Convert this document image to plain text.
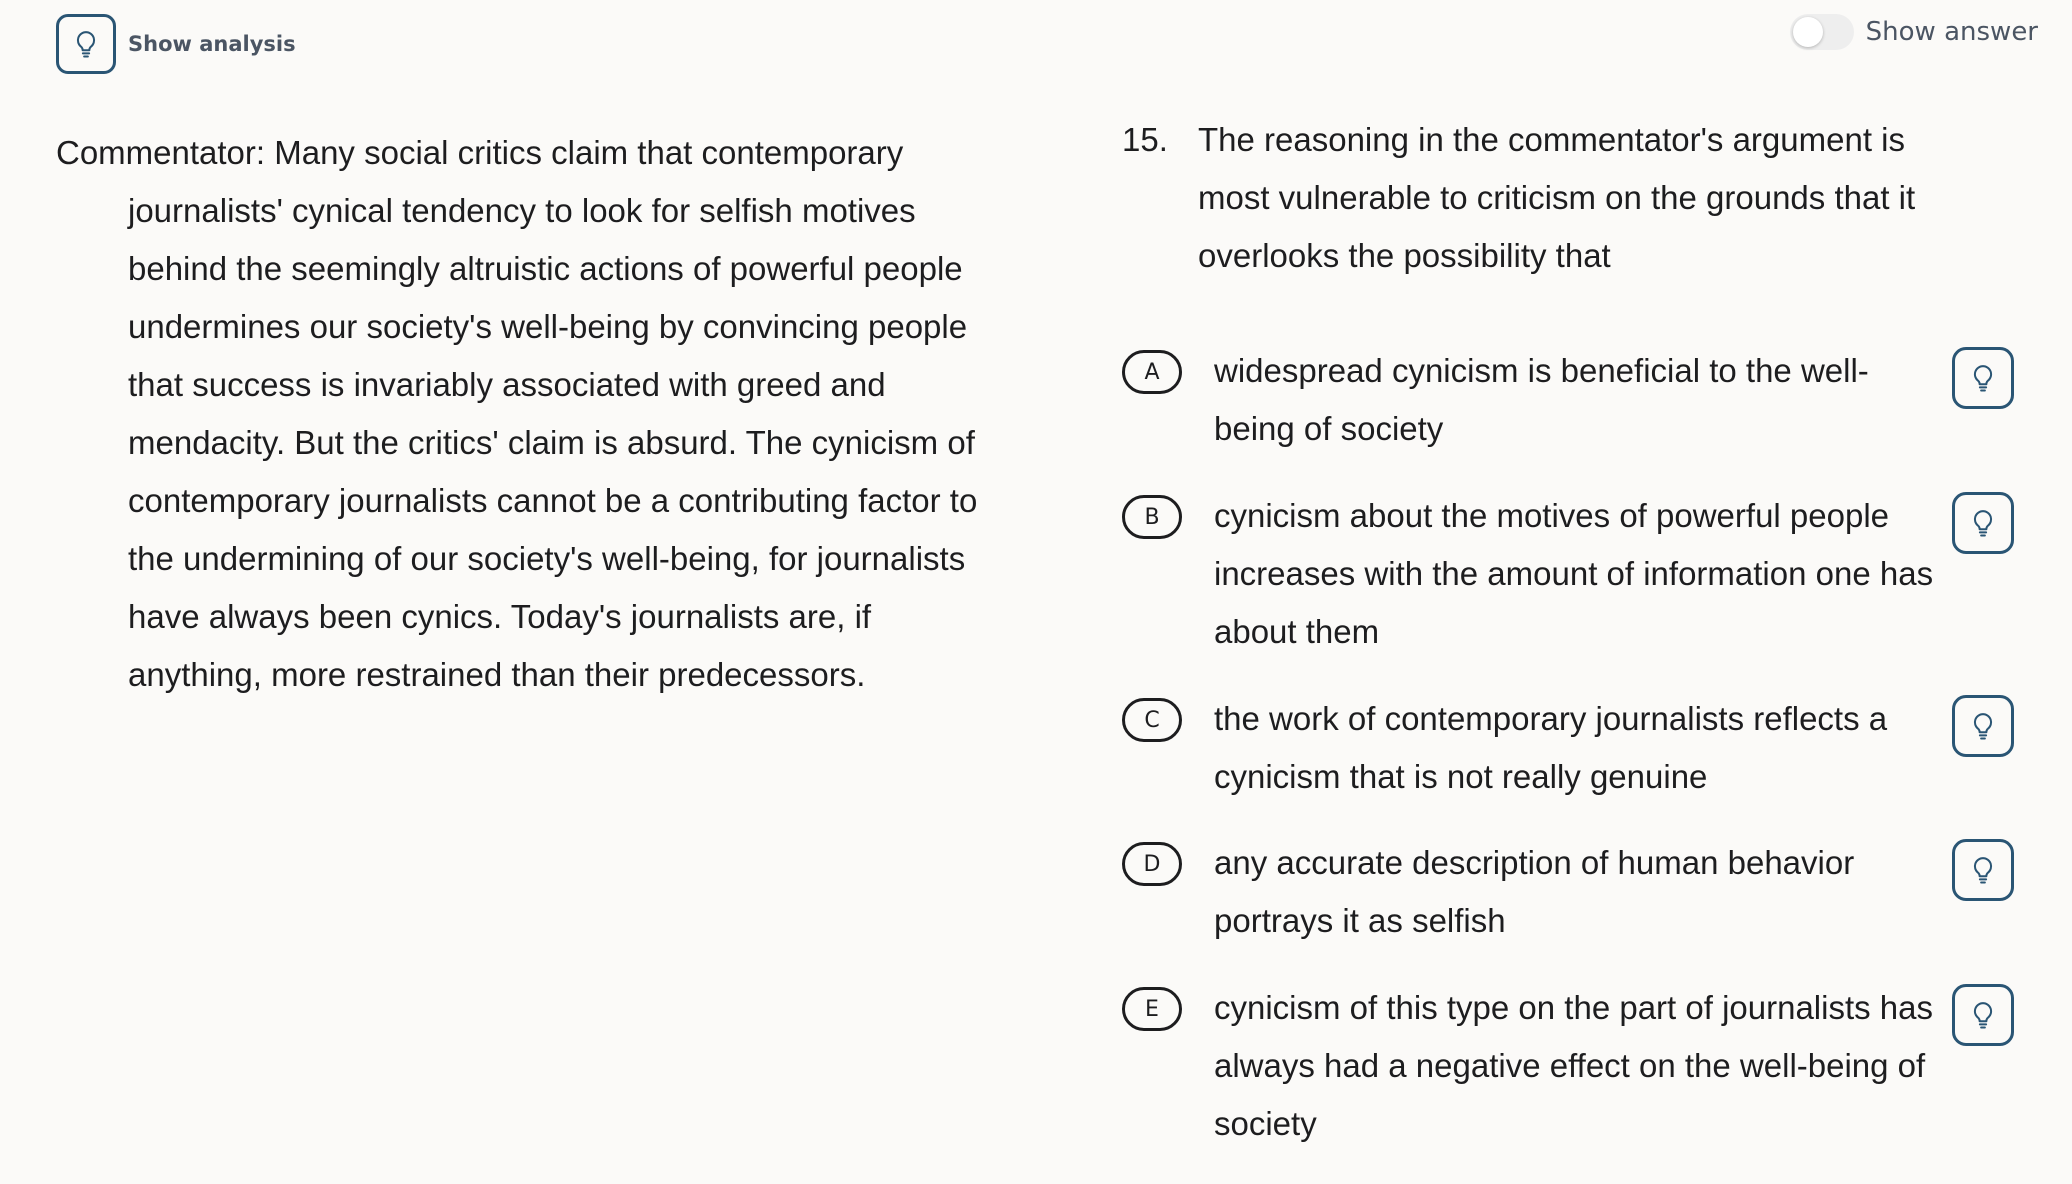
Show analysis	Show answer
Commentator: Many social critics claim that contemporary journalists' cynical tendency to look for selfish motives behind the seemingly altruistic actions of powerful people undermines our society's well-being by convincing people that success is invariably associated with greed and mendacity. But the critics' claim is absurd. The cynicism of contemporary journalists cannot be a contributing factor to the undermining of our society's well-being, for journalists have always been cynics. Today's journalists are, if anything, more restrained than their predecessors.
15. The reasoning in the commentator's argument is most vulnerable to criticism on the grounds that it overlooks the possibility that
A	widespread cynicism is beneficial to the well-being of society
B	cynicism about the motives of powerful people increases with the amount of information one has about them
C	the work of contemporary journalists reflects a cynicism that is not really genuine
D	any accurate description of human behavior portrays it as selfish
E	cynicism of this type on the part of journalists has always had a negative effect on the well-being of society
